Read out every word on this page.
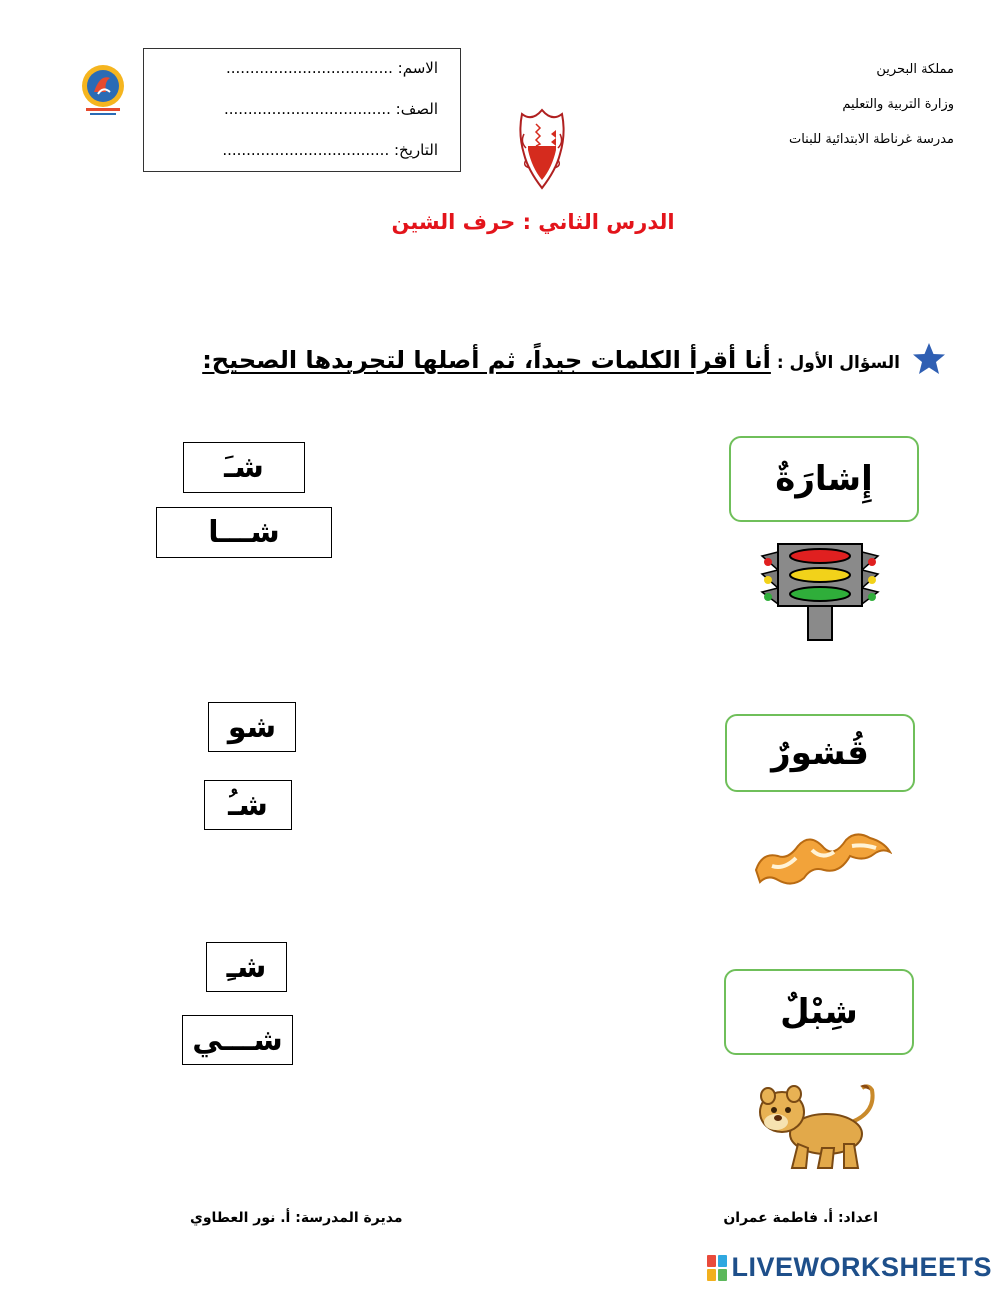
مملكة البحرين
وزارة التربية والتعليم
مدرسة غرناطة الابتدائية للبنات
الاسم: ...................................
الصف: ...................................
التاريخ: ...................................
الدرس الثاني : حرف الشين
السؤال الأول : أنا أقرأ الكلمات جيداً، ثم أصلها لتجريدها الصحيح:
إِشارَةٌ
شـَ
شـــا
قُشورٌ
شو
شـُ
شِبْلٌ
شـِ
شـــي
اعداد: أ. فاطمة عمران
مديرة المدرسة: أ. نور العطاوي
LIVEWORKSHEETS
